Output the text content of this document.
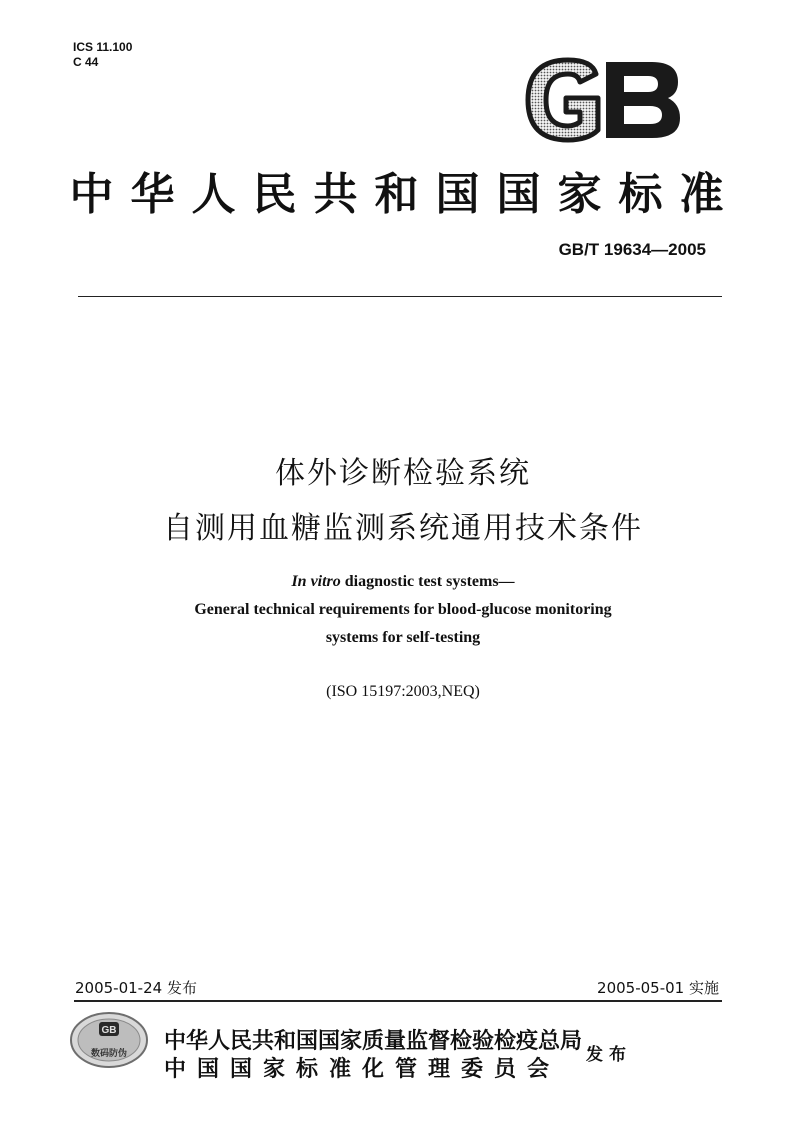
ICS 11.100
C 44
中华人民共和国国家标准
GB/T 19634—2005
体外诊断检验系统
自测用血糖监测系统通用技术条件
In vitro diagnostic test systems—
General technical requirements for blood-glucose monitoring
systems for self-testing
(ISO 15197:2003,NEQ)
2005-01-24 发布	2005-05-01 实施
GB
数码防伪 中华人民共和国国家质量监督检验检疫总局
中国国家标准化管理委员会
发布
